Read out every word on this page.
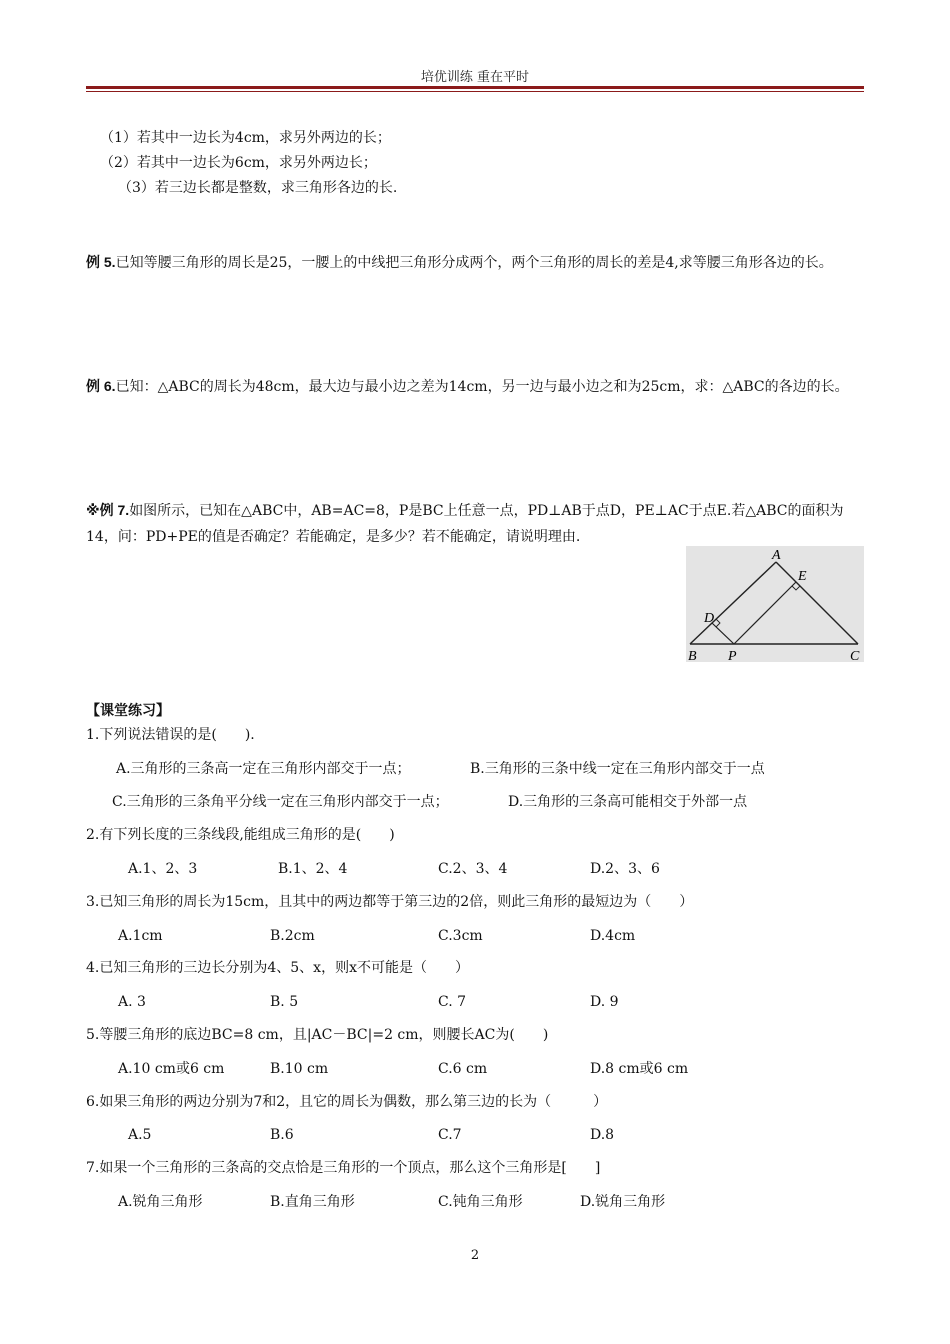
培优训练 重在平时
（1）若其中一边长为4cm，求另外两边的长；
（2）若其中一边长为6cm，求另外两边长；
（3）若三边长都是整数，求三角形各边的长.
例 5.已知等腰三角形的周长是25，一腰上的中线把三角形分成两个，两个三角形的周长的差是4,求等腰三角形各边的长。
例 6.已知：△ABC的周长为48cm，最大边与最小边之差为14cm，另一边与最小边之和为25cm，求：△ABC的各边的长。
※例 7.如图所示，已知在△ABC中，AB=AC=8，P是BC上任意一点，PD⊥AB于点D，PE⊥AC于点E.若△ABC的面积为14，问：PD+PE的值是否确定？若能确定，是多少？若不能确定，请说明理由.
A
E
D
B P	C
【课堂练习】
1.下列说法错误的是(　　).
A.三角形的三条高一定在三角形内部交于一点；	B.三角形的三条中线一定在三角形内部交于一点
C.三角形的三条角平分线一定在三角形内部交于一点；	D.三角形的三条高可能相交于外部一点
2.有下列长度的三条线段,能组成三角形的是(　　)
A.1、2、3	B.1、2、4	C.2、3、4	D.2、3、6
3.已知三角形的周长为15cm，且其中的两边都等于第三边的2倍，则此三角形的最短边为（　　）
A.1cm	B.2cm	C.3cm	D.4cm
4.已知三角形的三边长分别为4、5、x，则x不可能是（　　）
A. 3	B. 5	C. 7	D. 9
5.等腰三角形的底边BC=8 cm，且|AC－BC|=2 cm，则腰长AC为(　　)
A.10 cm或6 cm	B.10 cm	C.6 cm	D.8 cm或6 cm
6.如果三角形的两边分别为7和2，且它的周长为偶数，那么第三边的长为（　　　）
A.5	B.6	C.7	D.8
7.如果一个三角形的三条高的交点恰是三角形的一个顶点，那么这个三角形是[　　]
A.锐角三角形	B.直角三角形	C.钝角三角形	D.锐角三角形
2
